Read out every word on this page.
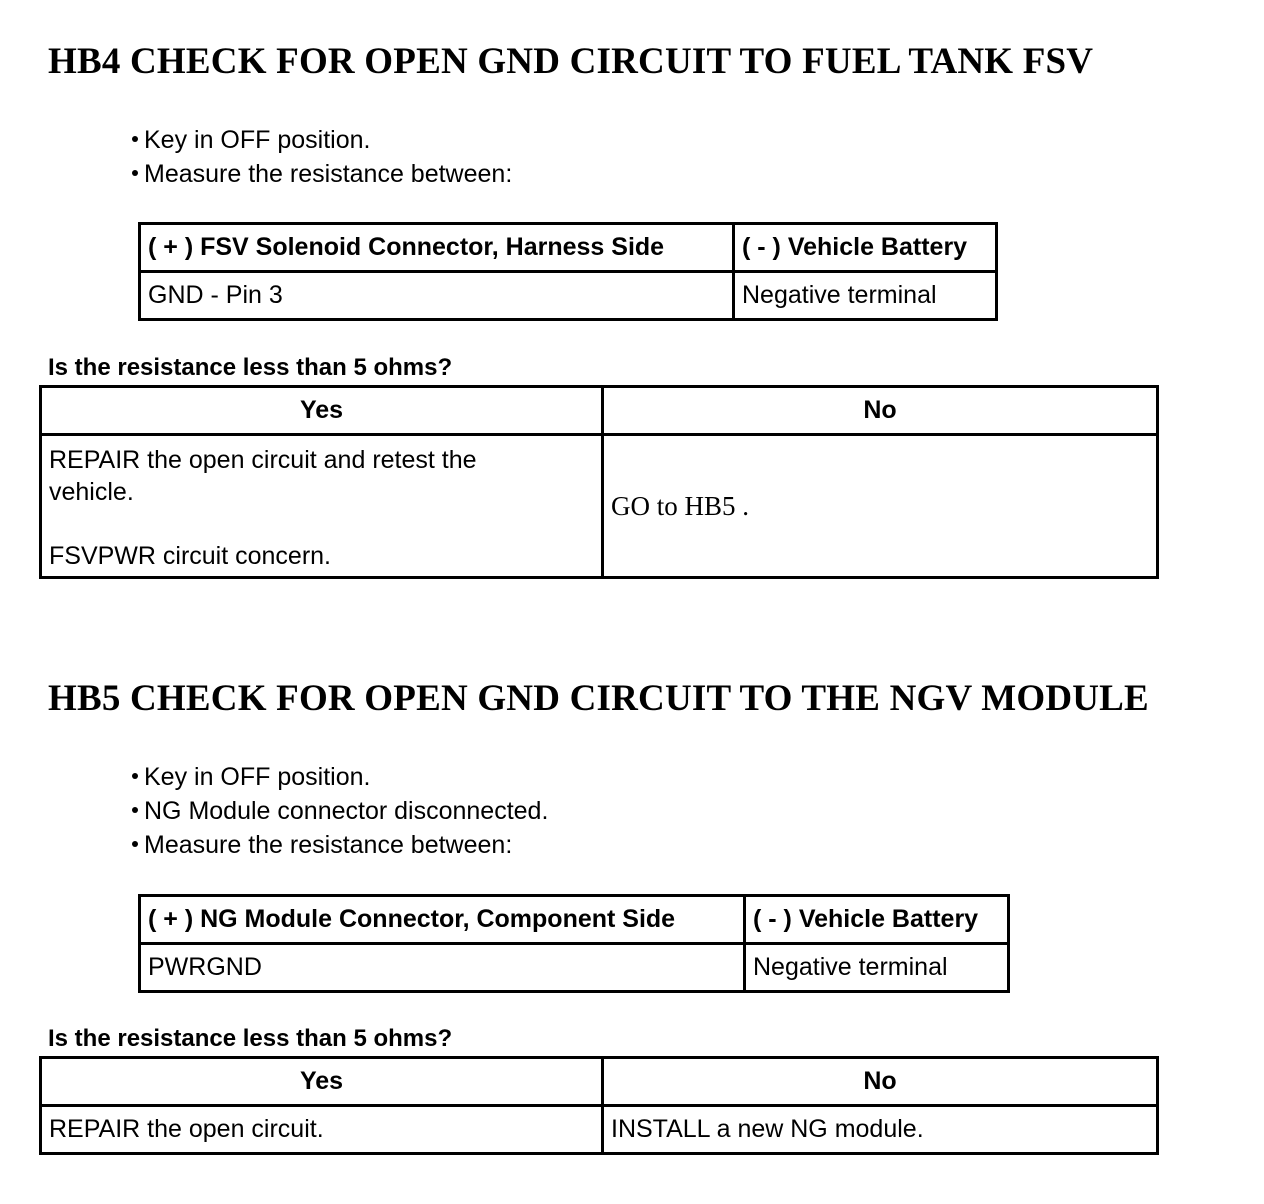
HB4 CHECK FOR OPEN GND CIRCUIT TO FUEL TANK FSV
Key in OFF position.
Measure the resistance between:
( + ) FSV Solenoid Connector, Harness Side	( - ) Vehicle Battery
GND - Pin 3	Negative terminal

Is the resistance less than 5 ohms?

Yes	No

REPAIR the open circuit and retest the vehicle.
FSVPWR circuit concern.	GO to HB5 .
HB5 CHECK FOR OPEN GND CIRCUIT TO THE NGV MODULE
Key in OFF position.
NG Module connector disconnected.
Measure the resistance between:
( + ) NG Module Connector, Component Side	( - ) Vehicle Battery
PWRGND	Negative terminal

Is the resistance less than 5 ohms?

Yes	No
REPAIR the open circuit.	INSTALL a new NG module.
